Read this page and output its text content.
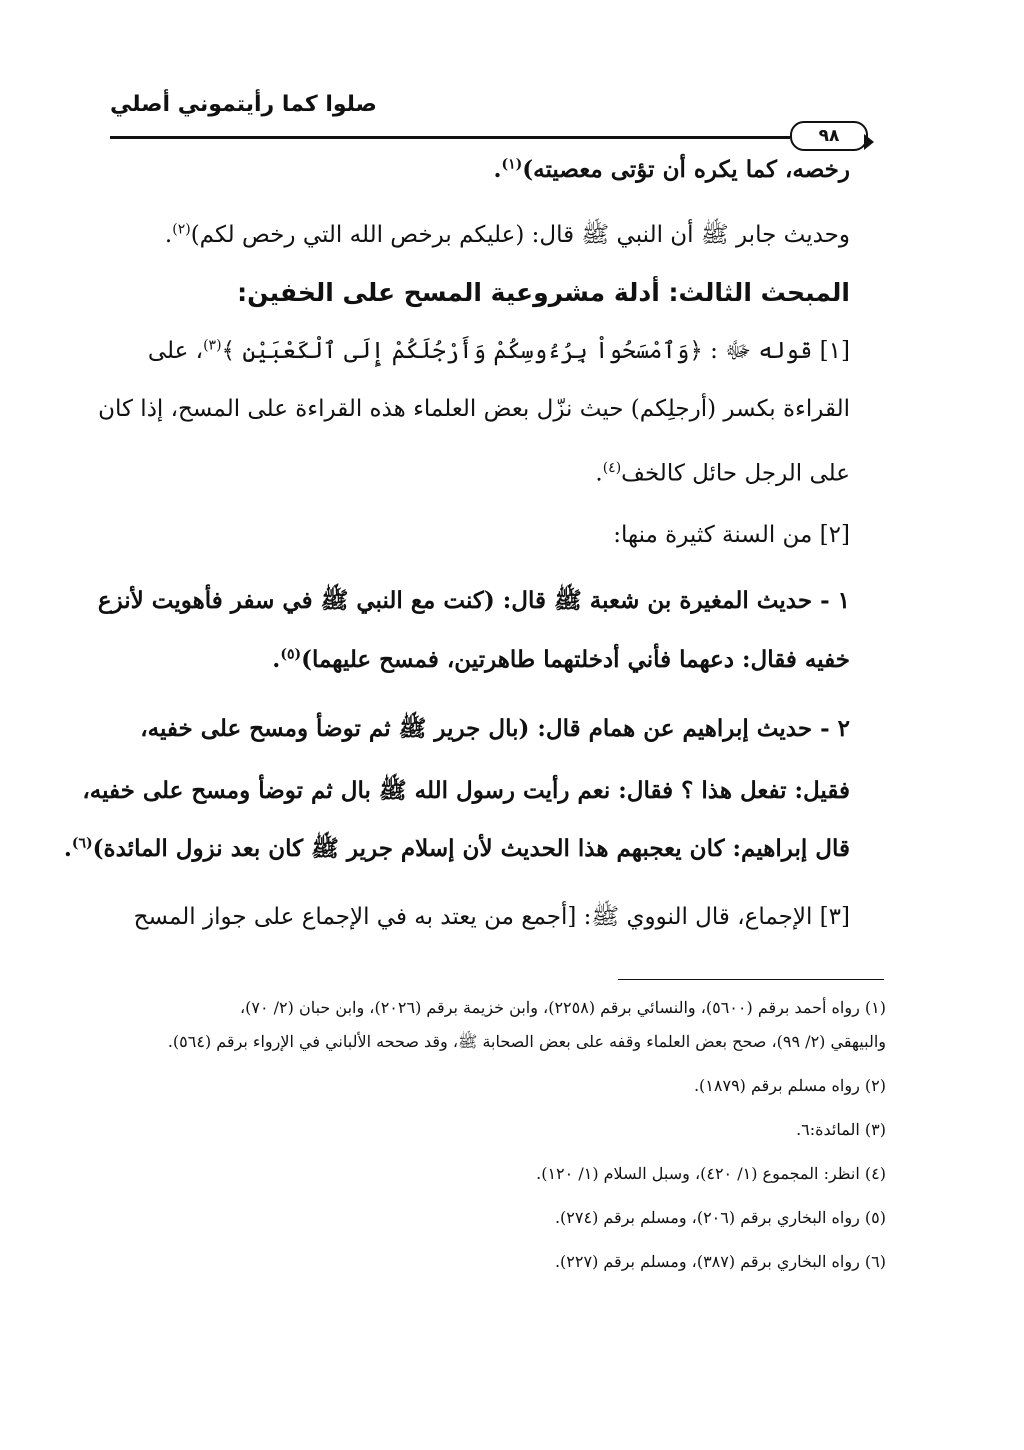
صلوا كما رأيتموني أصلي
٩٨

رخصه، كما يكره أن تؤتى معصيته)$^{(١)}$.

وحديث جابر ﷺ أن النبي ﷺ قال: (عليكم برخص الله التي رخص لكم)$^{(٢)}$.

المبحث الثالث: أدلة مشروعية المسح على الخفين:

[١] قوله ﷻ : ﴿وَٱمْسَحُواْ بِرُءُوسِكُمْ وَأَرْجُلَكُمْ إِلَى ٱلْكَعْبَيْنِ ﴾$^{(٣)}$، على

القراءة بكسر (أرجلِكم) حيث نزّل بعض العلماء هذه القراءة على المسح، إذا كان

على الرجل حائل كالخف$^{(٤)}$.

[٢] من السنة كثيرة منها:

١ - حديث المغيرة بن شعبة ﷺ قال: (كنت مع النبي ﷺ في سفر فأهويت لأنزع

خفيه فقال: دعهما فأني أدخلتهما طاهرتين، فمسح عليهما)$^{(٥)}$.

٢ - حديث إبراهيم عن همام قال: (بال جرير ﷺ ثم توضأ ومسح على خفيه،

فقيل: تفعل هذا ؟ فقال: نعم رأيت رسول الله ﷺ بال ثم توضأ ومسح على خفيه،

قال إبراهيم: كان يعجبهم هذا الحديث لأن إسلام جرير ﷺ كان بعد نزول المائدة)$^{(٦)}$.

[٣] الإجماع، قال النووي ﷺ: [أجمع من يعتد به في الإجماع على جواز المسح

(١) رواه أحمد برقم (٥٦٠٠)، والنسائي برقم (٢٢٥٨)، وابن خزيمة برقم (٢٠٢٦)، وابن حبان (٢/ ٧٠)،

والبيهقي (٢/ ٩٩)، صحح بعض العلماء وقفه على بعض الصحابة ﷺ، وقد صححه الألباني في الإرواء برقم (٥٦٤).

(٢) رواه مسلم برقم (١٨٧٩).

(٣) المائدة:٦.

(٤) انظر: المجموع (١/ ٤٢٠)، وسبل السلام (١/ ١٢٠).

(٥) رواه البخاري برقم (٢٠٦)، ومسلم برقم (٢٧٤).

(٦) رواه البخاري برقم (٣٨٧)، ومسلم برقم (٢٢٧).
